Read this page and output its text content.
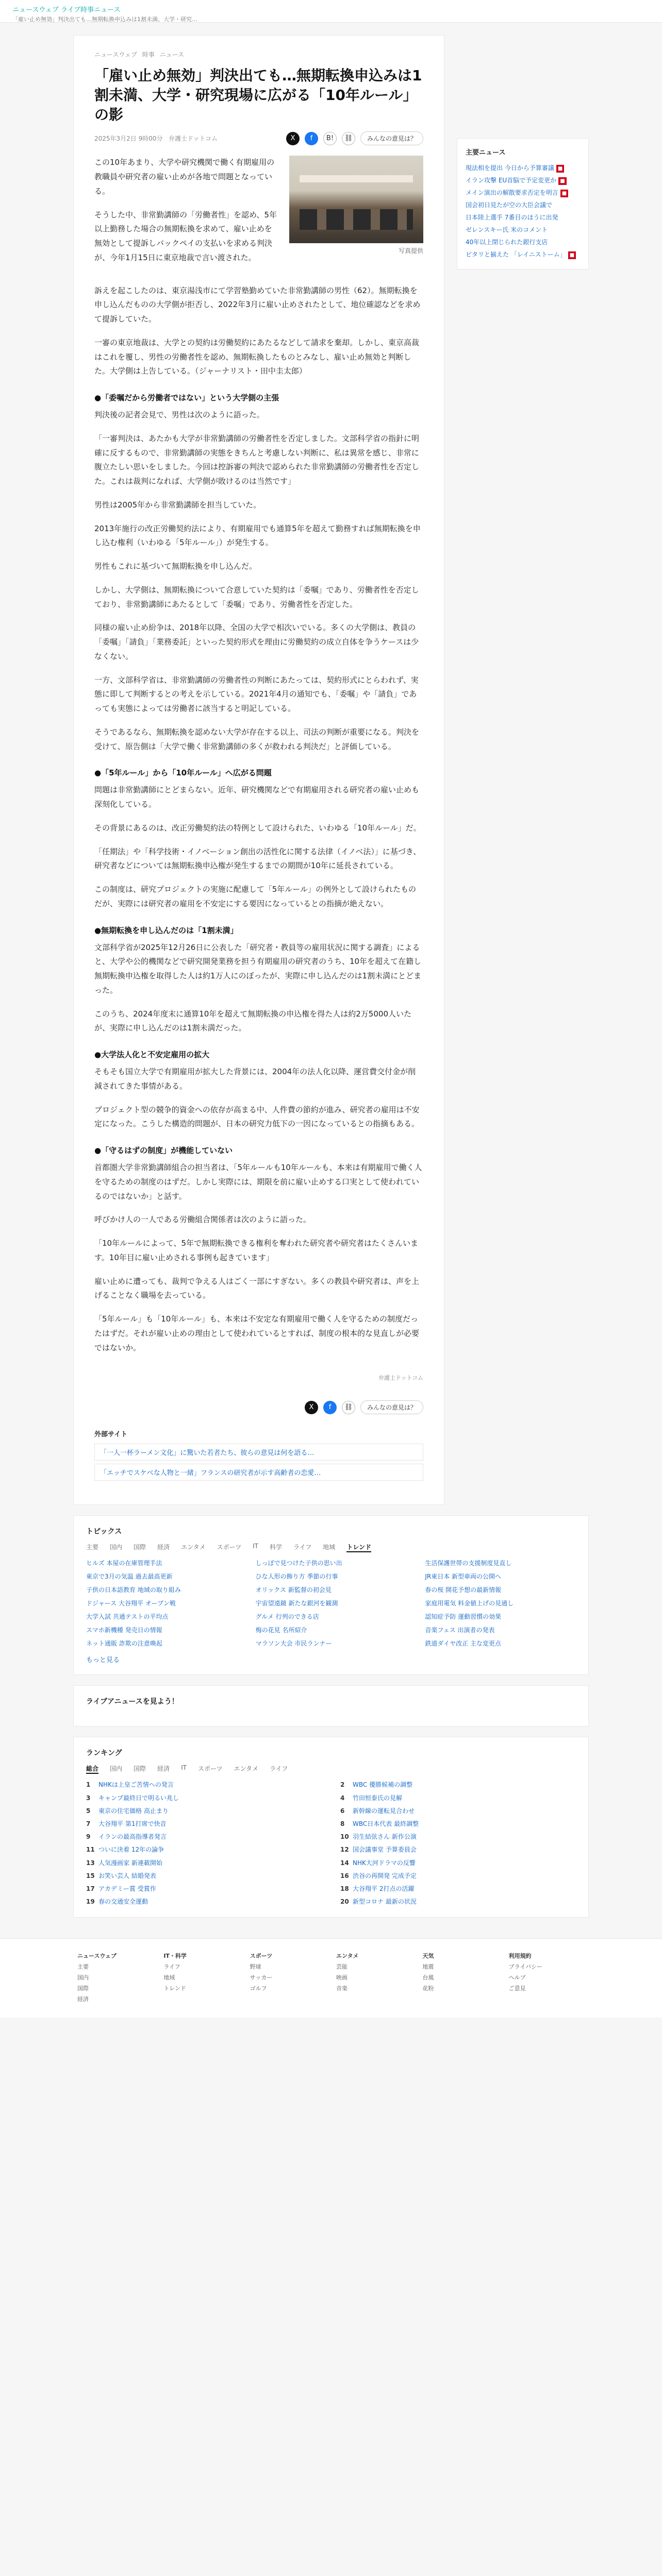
ニュースウェブ ライブ時事ニュース
「雇い止め無効」判決出ても…無期転換申込みは1割未満、大学・研究…
ニュースウェブ 時事 ニュース
「雇い止め無効」判決出ても…無期転換申込みは1割未満、大学・研究現場に広がる「10年ルール」の影
2025年3月2日 9時00分 弁護士ドットコム	X	f	B!	⛓	みんなの意見は？

この10年あまり、大学や研究機関で働く有期雇用の教職員や研究者の雇い止めが各地で問題となっている。

そうした中、非常勤講師の「労働者性」を認め、5年以上勤務した場合の無期転換を求めて、雇い止めを無効として提訴しバックペイの支払いを求める判決が、今年1月15日に東京地裁で言い渡された。

写真提供

訴えを起こしたのは、東京湯浅市にて学習塾勤めていた非常勤講師の男性（62）。無期転換を申し込んだものの大学側が拒否し、2022年3月に雇い止めされたとして、地位確認などを求めて提訴していた。

一審の東京地裁は、大学との契約は労働契約にあたるなどして請求を棄却。しかし、東京高裁はこれを覆し、男性の労働者性を認め、無期転換したものとみなし、雇い止め無効と判断した。大学側は上告している。（ジャーナリスト・田中圭太郎）

●「委嘱だから労働者ではない」という大学側の主張

判決後の記者会見で、男性は次のように語った。

「一審判決は、あたかも大学が非常勤講師の労働者性を否定しました。文部科学省の指針に明確に反するもので、非常勤講師の実態をきちんと考慮しない判断に、私は異常を感じ、非常に腹立たしい思いをしました。今回は控訴審の判決で認められた非常勤講師の労働者性を否定した。これは裁判になれば、大学側が敗けるのは当然です」

男性は2005年から非常勤講師を担当していた。

2013年施行の改正労働契約法により、有期雇用でも通算5年を超えて勤務すれば無期転換を申し込む権利（いわゆる「5年ルール」）が発生する。

男性もこれに基づいて無期転換を申し込んだ。

しかし、大学側は、無期転換について合意していた契約は「委嘱」であり、労働者性を否定しており、非常勤講師にあたるとして「委嘱」であり、労働者性を否定した。

同様の雇い止め紛争は、2018年以降、全国の大学で相次いでいる。多くの大学側は、教員の「委嘱」「請負」「業務委託」といった契約形式を理由に労働契約の成立自体を争うケースは少なくない。

一方、文部科学省は、非常勤講師の労働者性の判断にあたっては、契約形式にとらわれず、実態に即して判断するとの考えを示している。2021年4月の通知でも、「委嘱」や「請負」であっても実態によっては労働者に該当すると明記している。

そうであるなら、無期転換を認めない大学が存在する以上、司法の判断が重要になる。判決を受けて、原告側は「大学で働く非常勤講師の多くが救われる判決だ」と評価している。

●「5年ルール」から「10年ルール」へ広がる問題

問題は非常勤講師にとどまらない。近年、研究機関などで有期雇用される研究者の雇い止めも深刻化している。

その背景にあるのは、改正労働契約法の特例として設けられた、いわゆる「10年ルール」だ。

「任期法」や「科学技術・イノベーション創出の活性化に関する法律（イノベ法）」に基づき、研究者などについては無期転換申込権が発生するまでの期間が10年に延長されている。

この制度は、研究プロジェクトの実施に配慮して「5年ルール」の例外として設けられたものだが、実際には研究者の雇用を不安定にする要因になっているとの指摘が絶えない。

●無期転換を申し込んだのは「1割未満」

文部科学省が2025年12月26日に公表した「研究者・教員等の雇用状況に関する調査」によると、大学や公的機関などで研究開発業務を担う有期雇用の研究者のうち、10年を超えて在籍し無期転換申込権を取得した人は約1万人にのぼったが、実際に申し込んだのは1割未満にとどまった。

このうち、2024年度末に通算10年を超えて無期転換の申込権を得た人は約2万5000人いたが、実際に申し込んだのは1割未満だった。

●大学法人化と不安定雇用の拡大

そもそも国立大学で有期雇用が拡大した背景には、2004年の法人化以降、運営費交付金が削減されてきた事情がある。

プロジェクト型の競争的資金への依存が高まる中、人件費の節約が進み、研究者の雇用は不安定になった。こうした構造的問題が、日本の研究力低下の一因になっているとの指摘もある。

●「守るはずの制度」が機能していない

首都圏大学非常勤講師組合の担当者は、「5年ルールも10年ルールも、本来は有期雇用で働く人を守るための制度のはずだ。しかし実際には、期限を前に雇い止めする口実として使われているのではないか」と話す。

呼びかけ人の一人である労働組合関係者は次のように語った。

「10年ルールによって、5年で無期転換できる権利を奪われた研究者や研究者はたくさんいます。10年目に雇い止めされる事例も起きています」

雇い止めに遭っても、裁判で争える人はごく一部にすぎない。多くの教員や研究者は、声を上げることなく職場を去っている。

「5年ルール」も「10年ルール」も、本来は不安定な有期雇用で働く人を守るための制度だったはずだ。それが雇い止めの理由として使われているとすれば、制度の根本的な見直しが必要ではないか。

弁護士ドットコム
X	f	⛓	みんなの意見は？
外部サイト
「一人一杯ラーメン文化」に驚いた若者たち、彼らの意見は何を語る…
「エッチでスケベな人物と一緒」フランスの研究者が示す高齢者の恋愛…
主要ニュース
現法相を提出 今日から予算審議 ■
イラン攻撃 EU首脳で予定変更か ■
メイン演出の解散要求否定を明言 ■
国会初日見たが空の大臣会議で
日本陸上選手 7番目のほうに出発
ゼレンスキー氏 米のコメント
40年以上閉じられた銀行支店
ピタリと揃えた 「レイニストーム」 ■
トピックス
主要 国内 国際 経済 エンタメ スポーツ IT 科学 ライフ 地域 トレンド
ヒルズ 本屋の在庫管理手法	しっぽで見つけた子供の思い出	生活保護世帯の支援制度見直し
東京で3月の気温 過去最高更新	ひな人形の飾り方 季節の行事	JR東日本 新型車両の公開へ
子供の日本語教育 地域の取り組み	オリックス 新監督の初会見	春の桜 開花予想の最新情報
ドジャース 大谷翔平 オープン戦	宇宙望遠鏡 新たな銀河を観測	家庭用電気 料金値上げの見通し
大学入試 共通テストの平均点	グルメ 行列のできる店	認知症予防 運動習慣の効果
スマホ新機種 発売日の情報	梅の花見 名所紹介	音楽フェス 出演者の発表
ネット通販 詐欺の注意喚起	マラソン大会 市民ランナー	鉄道ダイヤ改正 主な変更点
もっと見る
ライブアニュースを見よう！
ランキング
総合 国内 国際 経済 IT スポーツ エンタメ ライフ
1 NHKは上皇ご苦情への発言	2 WBC 優勝候補の調整
3 キャンプ最終日で明るい兆し	4 竹田恒泰氏の見解
5 東京の住宅価格 高止まり	6 新幹線の運転見合わせ
7 大谷翔平 第1打席で快音	8 WBC日本代表 最終調整
9 イランの最高指導者発言	10 羽生結弦さん 新作公演
11 ついに決着 12年の論争	12 国会議事堂 予算委員会
13 人気漫画家 新連載開始	14 NHK大河ドラマの反響
15 お笑い芸人 結婚発表	16 渋谷の再開発 完成予定
17 アカデミー賞 受賞作	18 大谷翔平 2打点の活躍
19 春の交通安全運動	20 新型コロナ 最新の状況
ニュースウェブ
主要
国内
国際
経済
IT・科学
ライフ
地域
トレンド
スポーツ
野球
サッカー
ゴルフ
エンタメ
芸能
映画
音楽
天気
地震
台風
花粉
利用規約
プライバシー
ヘルプ
ご意見
